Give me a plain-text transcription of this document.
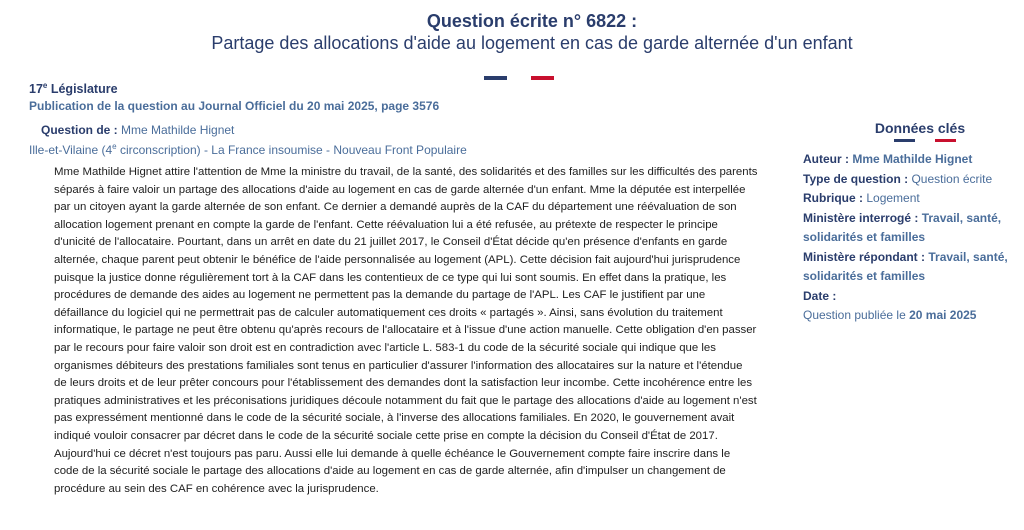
Question écrite n° 6822 :
Partage des allocations d'aide au logement en cas de garde alternée d'un enfant
17e Législature
Publication de la question au Journal Officiel du 20 mai 2025, page 3576
Question de : Mme Mathilde Hignet
Ille-et-Vilaine (4e circonscription) - La France insoumise - Nouveau Front Populaire
Mme Mathilde Hignet attire l'attention de Mme la ministre du travail, de la santé, des solidarités et des familles sur les difficultés des parents séparés à faire valoir un partage des allocations d'aide au logement en cas de garde alternée d'un enfant. Mme la députée est interpellée par un citoyen ayant la garde alternée de son enfant. Ce dernier a demandé auprès de la CAF du département une réévaluation de son allocation logement prenant en compte la garde de l'enfant. Cette réévaluation lui a été refusée, au prétexte de respecter le principe d'unicité de l'allocataire. Pourtant, dans un arrêt en date du 21 juillet 2017, le Conseil d'État décide qu'en présence d'enfants en garde alternée, chaque parent peut obtenir le bénéfice de l'aide personnalisée au logement (APL). Cette décision fait aujourd'hui jurisprudence puisque la justice donne régulièrement tort à la CAF dans les contentieux de ce type qui lui sont soumis. En effet dans la pratique, les procédures de demande des aides au logement ne permettent pas la demande du partage de l'APL. Les CAF le justifient par une défaillance du logiciel qui ne permettrait pas de calculer automatiquement ces droits « partagés ». Ainsi, sans évolution du traitement informatique, le partage ne peut être obtenu qu'après recours de l'allocataire et à l'issue d'une action manuelle. Cette obligation d'en passer par le recours pour faire valoir son droit est en contradiction avec l'article L. 583-1 du code de la sécurité sociale qui indique que les organismes débiteurs des prestations familiales sont tenus en particulier d'assurer l'information des allocataires sur la nature et l'étendue de leurs droits et de leur prêter concours pour l'établissement des demandes dont la satisfaction leur incombe. Cette incohérence entre les pratiques administratives et les préconisations juridiques découle notamment du fait que le partage des allocations d'aide au logement n'est pas expressément mentionné dans le code de la sécurité sociale, à l'inverse des allocations familiales. En 2020, le gouvernement avait indiqué vouloir consacrer par décret dans le code de la sécurité sociale cette prise en compte la décision du Conseil d'État de 2017. Aujourd'hui ce décret n'est toujours pas paru. Aussi elle lui demande à quelle échéance le Gouvernement compte faire inscrire dans le code de la sécurité sociale le partage des allocations d'aide au logement en cas de garde alternée, afin d'impulser un changement de procédure au sein des CAF en cohérence avec la jurisprudence.
Données clés
Auteur : Mme Mathilde Hignet
Type de question : Question écrite
Rubrique : Logement
Ministère interrogé : Travail, santé, solidarités et familles
Ministère répondant : Travail, santé, solidarités et familles
Date :
Question publiée le 20 mai 2025
